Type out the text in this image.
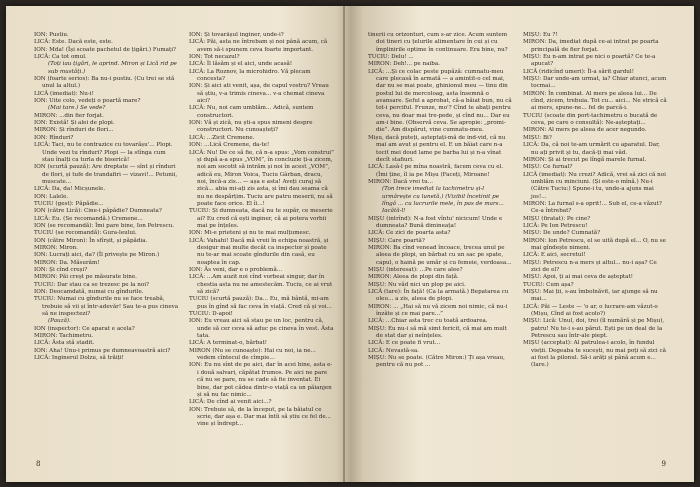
ION: Pustiu.

LICĂ: Este. Dacă este, este.

ION: Mda! (Își scoate pachetul de țigări.) Fumați?

LICĂ: Ca tot omul.

(Toți iau țigări, le aprind. Miron și Lică rid pe sub mustăți.)

ION (foarte serios): Ba nu-i pustiu. (Cu trei se stă unul la altul.)

LICĂ (imediat): Nu-i!

ION: Uite colo, vedeți o poartă mare?

(Mai tare.) Se vede?

MIRON: ...din fier forjat.

ION: Există! Și alei de plopi.

MIRON: Și rînduri de flori...

ION: Rînduri?

LICĂ: Taci, nu te contrazice cu tovarășu'... Plopi. Unde vezi tu rînduri? Plopi — la stînga cum stau înalți ca turla de biserică!

ION (scurtă pauză): Are dreptate — sînt și rînduri de flori, și tufe de trandafiri — vizavi!... Petunii, muscate...

LICĂ: Da, da! Micșunele.

ION: Lalele.

TUCIU (gest): Păpădie...

ION (către Lică): Cine-i păpădie? Dumneata?

LICĂ: Eu. (Se recomandă.) Cremene...

ION (se recomandă): Îmi pare bine, Ion Petrescu.

TUCIU (se recomandă): Gura-leului.

ION (către Miron): În sfîrșit, și păpădia.

MIRON: Miron.

ION: Lucrați aici, da? (Îl privește pe Miron.)

MIRON: Da. Măsurăm!

ION: Și cînd creși?

MIRON: Păi creșt pe măsurate bine.

TUCIU: Dar stau ca se trezesc pe la noi?

ION: Deocamdată, numai cu gîndurile.

TUCIU: Numai cu gîndurile nu se face treabă, trebuie să vii și într-adevăr! Sau te-a pus cineva să ne inspectezi?

(Pauză).

ION (inspector): Ce aparat e acela?

MIRON: Tachimetru.

LICĂ: Ăsta stă stadit.

ION: Aha! Unu-i primus pe dumneavoastră aici?

LICĂ: Inginerul Dolzu, să trăiți!

ION: Și tovarășul inginer, unde-i?

LICĂ: Păi, asta ne întrebam și noi până acum, că avem să-i spunem ceva foarte important.

ION: Tot necazul?

LICĂ: Îl lăsăm și el aici, unde acasă!

LICĂ: La Roznov, la microhidro. Vă plecam concesta?

ION: Și aici ati venit, așa, de capul vostru? Vreau să știu, v-a trimis cineva... v-a chemat cineva aici?

LICĂ: Nu, noi cam umblăm... Adică, suntem constructori.

ION: Vă și zică, nu ști-a spus nimeni despre constructori. Nu cunoașteți?

LICĂ: ...Zicit Cremene.

ION: ...Lică Cremene, da-te!

LICĂ: Nu! De ce să fie, că n-a spus: „Vom construi” și după a-a spus „VOM”, în concluzie ți-a zicem, noi am socotit să intrăm și noi în acest „VOM”, adică eu, Miron Voica, Tuciu Gârban, dracu, noi, încă-a zis... — așa e asta! Aveți curaj să zică... abia mi-ați zis asta, și îmi dau seama că nu ne despărțim. Tuciu are patru meserii, nu să poate face orice. El îi...!

TUCIU: Și dumneata, dacă nu te supăr, ce meserie ai? Eu cred că ești inginer, că ai potera vorbii mai pe înțeles.

ION: Mi-e prieteni și nu te mai mulțumesc.

LICĂ: Vahahi! Dacă mă vreii în echipa noastră, și desigur mai multe decât ca inspector și poate nu te-ar mai scoate gîndurile din casă, eu noaptea în cap.

ION: Ăs veni, dar e o problemă...

LICĂ: ...Am auzit noi cînd vorbeai singur, dar în chestia asta nu ne amestecăm. Tuciu, ce ai vrut să zică?

TUCIU (scurtă pauză): Da... Eu, mă bântă, mi-am pus în gînd să fac ceva în viață. Cred că și voi...

TUCIU: D-apoi!

ION: Eu vreau aici să stau pe un loc, pentru că, unde să cer ceva să aduc pe cineva în vest. Ăsta tata.

LICĂ: A terminat-o, bărbat!

MIRON (Nu se cunoaște): Hai cu noi, ia ne... vedem cîntecul de cîmpie...

ION: Eu nu sînt de pe aici, dar în acei bine, asta e-i două salvari, căpătat frumos. Pe aici ne pare că nu se pare, nu se cade să fie inventat. Ei bine, dar pot cădea dintr-o viață ca un păianjen și să nu fac nimic...

LICĂ: De cînd ai venit aici...?

ION: Trebuie să, de la început, pe la băiatul ce scrie, dar așa e. Dar mai întîi să știu ce fel de... vine și îndrept...

8

tinerii cu orizonturi, cum s-ar zice. Acum suntem doi tineri cu țelurile alimentare în cui și cu împlinirile optime în continuare. Era bine, nu?

TUCIU: Delu! ...

MIRON: Deh!... pe naiba.

LICĂ: ...Și ce colac peste pupăză: cumnatu-meu care plecasă în armată — a amintit-o cel mai, dar nu se mai poate, ghinionul meu — tinu din postul lui de mercoloag, asta însemnă o avansare. Șeful a aprobat, că-a băiat bun, nu că tot-i perciful. Frunze, mo'? Cînd te abați pentru ceva, nu doar mai tre-pede, și cînd nu... Dar eu am-i bine. (Observă ceva. Se apropie: „promi-die”. Am dispărut, vine cumnatu-meu.

Mișu, dacă puteți, așteptați-mă de ind-vid, că nu mai am avut și pentru el. E un băiat care n-a tocit mei doud lame pe barba lui și n-a vînat decît stafiuri.

LICĂ: Lasă-l pe mîna noastră, facem ceva cu el. (Îmi ține, îl ia pe Mișu (Faceți, Miroane!

MIRON: Dacă vrei tu...

(Ton trece imediat la tachimetru și-l urmărește cu lunetă.) (Vizibil încetinit pe lîngă ... cu lucrurile mele, în pas de mars... Iacătă-l!

MIȘU (intrînd): N-a fost vîntu' nicicum! Unde e dumneata? Bună dimineața!

LICĂ: Ce zici de poarta asta?

MIȘU: Care poartă?

MIRON: Ba cînd venead încoace, trecea unul pe aleea de plopi, un bărbat cu un sac pe spate, capul, o haină pe umăr și cu femeie, verdoasa...

MIȘU (interesat): ...Pe care alee?

MIRON: Aleea de plopi din față.

MIȘU: Nu văd nici un plop pe aici.

LICĂ (tare): În față! (Ca la armată.) Bepatarea cu oleu... a zis, aleea de plopi.

MIRON: ... „Hai să nu vă zicem noi nimic, că nu-i înzâte și ce mai pare...”

LICĂ: ...Chiar asta trec cu toată ardoarea.

MIȘU: Eu nu-i să mă simt fericit, că mai am mult de stat dar și neînțeles.

LICĂ: E ce poate fi vrut...

LICĂ: Nevastă-sa.

MIȘU: Nu se poate. (Către Miron:) Ți așa vreau, pentru că nu pot ...

MIȘU: Eu ?!

MIRON: Da, imediat după ce-ai intrat pe poarta principală de fier forjat.

MIȘU: Eu n-am intrat pe nici o poartă? Ce te-a apucat?

LICĂ (ridicînd umeri): Îl-a sărit gardul!

MIȘU: Dar unde-am urmat, ia? Chiar atunci, acum tocmai...

MIRON: În combinat. Al mers pe aleea lui... De cînd, zicem, trebuia. Tot cu... aici... Ne strică că ai mers, spune-ne... fel de parcă-i.

TUCIU (scoate din port-tachimetru o bucată de ceva, pe care o consultă): Ne-așteptați...

MIRON: Al mers pe aleea de acer negundo.

MIȘU: Bi?

LICĂ: Da, că noi te-am urmărit cu aparatul. Dar, nu ați privit și tu, dacă-ți mai văd.

MIRON: Și ai trecut pe lîngă marele furnal.

MIȘU: Ce furnal?

LICĂ (imediat): Nu crezi? Adică, vrei să zici că noi umblăm cu minciuni. (Și este-o mînă.) Nu-i (Către Tuciu:) Spune-i tu, unde-a ajuns mai jos!...

MIRON: La furnal s-a oprit!... Sub el, ce-a văzut? Ce-a întrebat?

MIȘU (firatat): Pe cine?

LICĂ: Pe Ion Petrescu!

MIȘU: De unde? Cumnată?

MIRON: Ion Petrescu, el se uită după el... O, nu se mai gîndește nimeni.

LICĂ: E aici, secretul!

MIȘU: Petrescu n-a mers și altul... nu-i așa? Ce zici de el?

MIȘU: Apoi, ți ai mai ceva de așteptat!

TUCIU: Cum așa?

MIȘU: Mai ții, s-au îmbolnăvit, iar ajunge să nu mai...

LICĂ: Păi — Leste — 'o ar, o lucrare-am văzut-o (Mișu, Cînd ai fost acolo?)

MIȘU: Lică: Unul, doi, trei (îl numără și pe Mișu), patru! Nu te-i s-au părut. Ești pe un deal de la Petrescu sau într-ale piept.

MIȘU (acceptat): Al patrulea-i acolo, în fundul vieții. Degeaba te sucești, nu mai poți să zici că ai fost la pilonul. Să-i arăți și până acum e... (Iare.)

9
